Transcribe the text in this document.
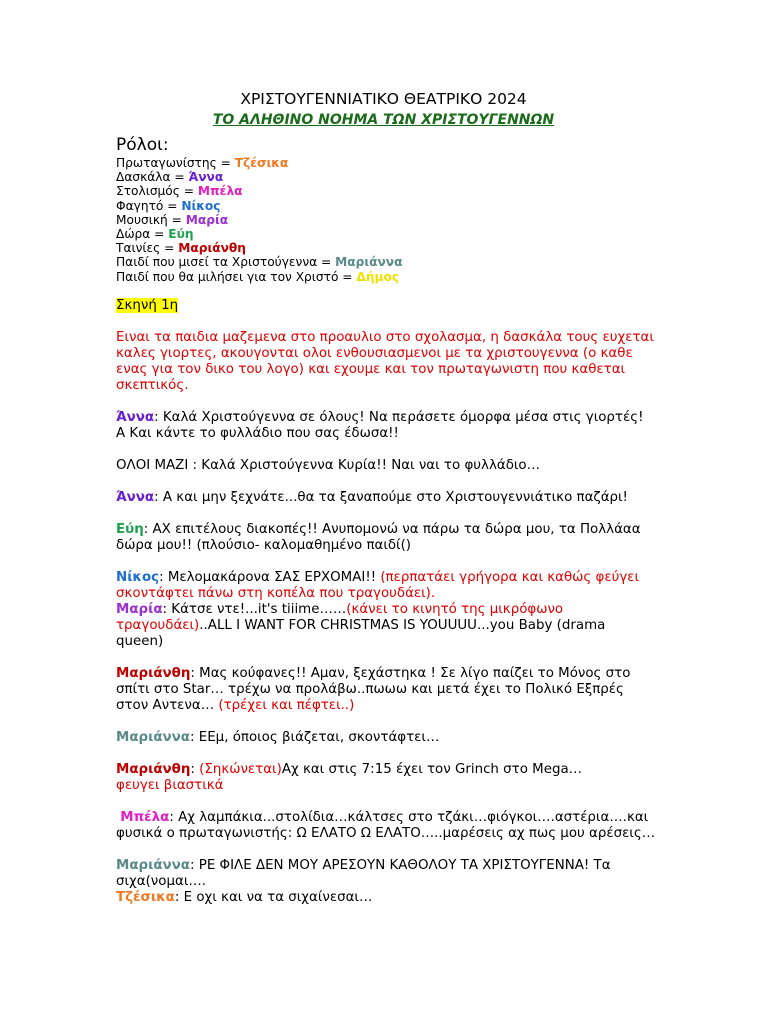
ΧΡΙΣΤΟΥΓΕΝΝΙΑΤΙΚΟ ΘΕΑΤΡΙΚΟ 2024
ΤΟ ΑΛΗΘΙΝΟ ΝΟΗΜΑ ΤΩΝ ΧΡΙΣΤΟΥΓΕΝΝΩΝ
Ρόλοι:
Πρωταγωνίστης = Τζέσικα
Δασκάλα = Άννα
Στολισμός = Μπέλα
Φαγητό = Νίκος
Μουσική = Μαρία
Δώρα = Εύη
Ταινίες = Μαριάνθη
Παιδί που μισεί τα Χριστούγεννα = Μαριάννα
Παιδί που θα μιλήσει για τον Χριστό = Δήμος
Σκηνή 1η

Ειναι τα παιδια μαζεμενα στο προαυλιο στο σχολασμα, η δασκάλα τους ευχεται καλες γιορτες, ακουγονται ολοι ενθουσιασμενοι με τα χριστουγεννα (ο καθε ενας για τον δικο του λογο) και εχουμε και τον πρωταγωνιστη που καθεται σκεπτικός.

Άννα: Καλά Χριστούγεννα σε όλους! Να περάσετε όμορφα μέσα στις γιορτές!

Α Και κάντε το φυλλάδιο που σας έδωσα!!

ΟΛΟΙ ΜΑΖΙ : Καλά Χριστούγεννα Κυρία!! Ναι ναι το φυλλάδιο…

Άννα: Α και μην ξεχνάτε...θα τα ξαναπούμε στο Χριστουγεννιάτικο παζάρι!

Εύη: ΑΧ επιτέλους διακοπές!! Ανυπομονώ να πάρω τα δώρα μου, τα Πολλάαα δώρα μου!! (πλούσιο- καλομαθημένο παιδί()

Νίκος: Μελομακάρονα ΣΑΣ ΕΡΧΟΜΑΙ!! (περπατάει γρήγορα και καθώς φεύγει σκοντάφτει πάνω στη κοπέλα που τραγουδάει).

Μαρία: Κάτσε ντε!...it's tiiime……(κάνει το κινητό της μικρόφωνο τραγουδάει)..ALL I WANT FOR CHRISTMAS IS YOUUUU...you Baby (drama queen)

Μαριάνθη: Μας κούφανες!! Αμαν, ξεχάστηκα ! Σε λίγο παίζει το Μόνος στο σπίτι στο Star… τρέχω να προλάβω..πωωω και μετά έχει το Πολικό Εξπρές στον Αντενα… (τρέχει και πέφτει..)

Μαριάννα: ΕΕμ, όποιος βιάζεται, σκοντάφτει…

Μαριάνθη: (Σηκώνεται)Αχ και στις 7:15 έχει τον Grinch στο Mega…

φευγει βιαστικά

Μπέλα: Αχ λαμπάκια...στολίδια…κάλτσες στο τζάκι…φιόγκοι….αστέρια….και φυσικά ο πρωταγωνιστής: Ω ΕΛΑΤΟ Ω ΕΛΑΤΟ…..μαρέσεις αχ πως μου αρέσεις…

Μαριάννα: ΡΕ ΦΙΛΕ ΔΕΝ ΜΟΥ ΑΡΕΣΟΥΝ ΚΑΘΟΛΟΥ ΤΑ ΧΡΙΣΤΟΥΓΕΝΝΑ! Τα σιχα(νομαι….

Τζέσικα: Ε οχι και να τα σιχαίνεσαι…
